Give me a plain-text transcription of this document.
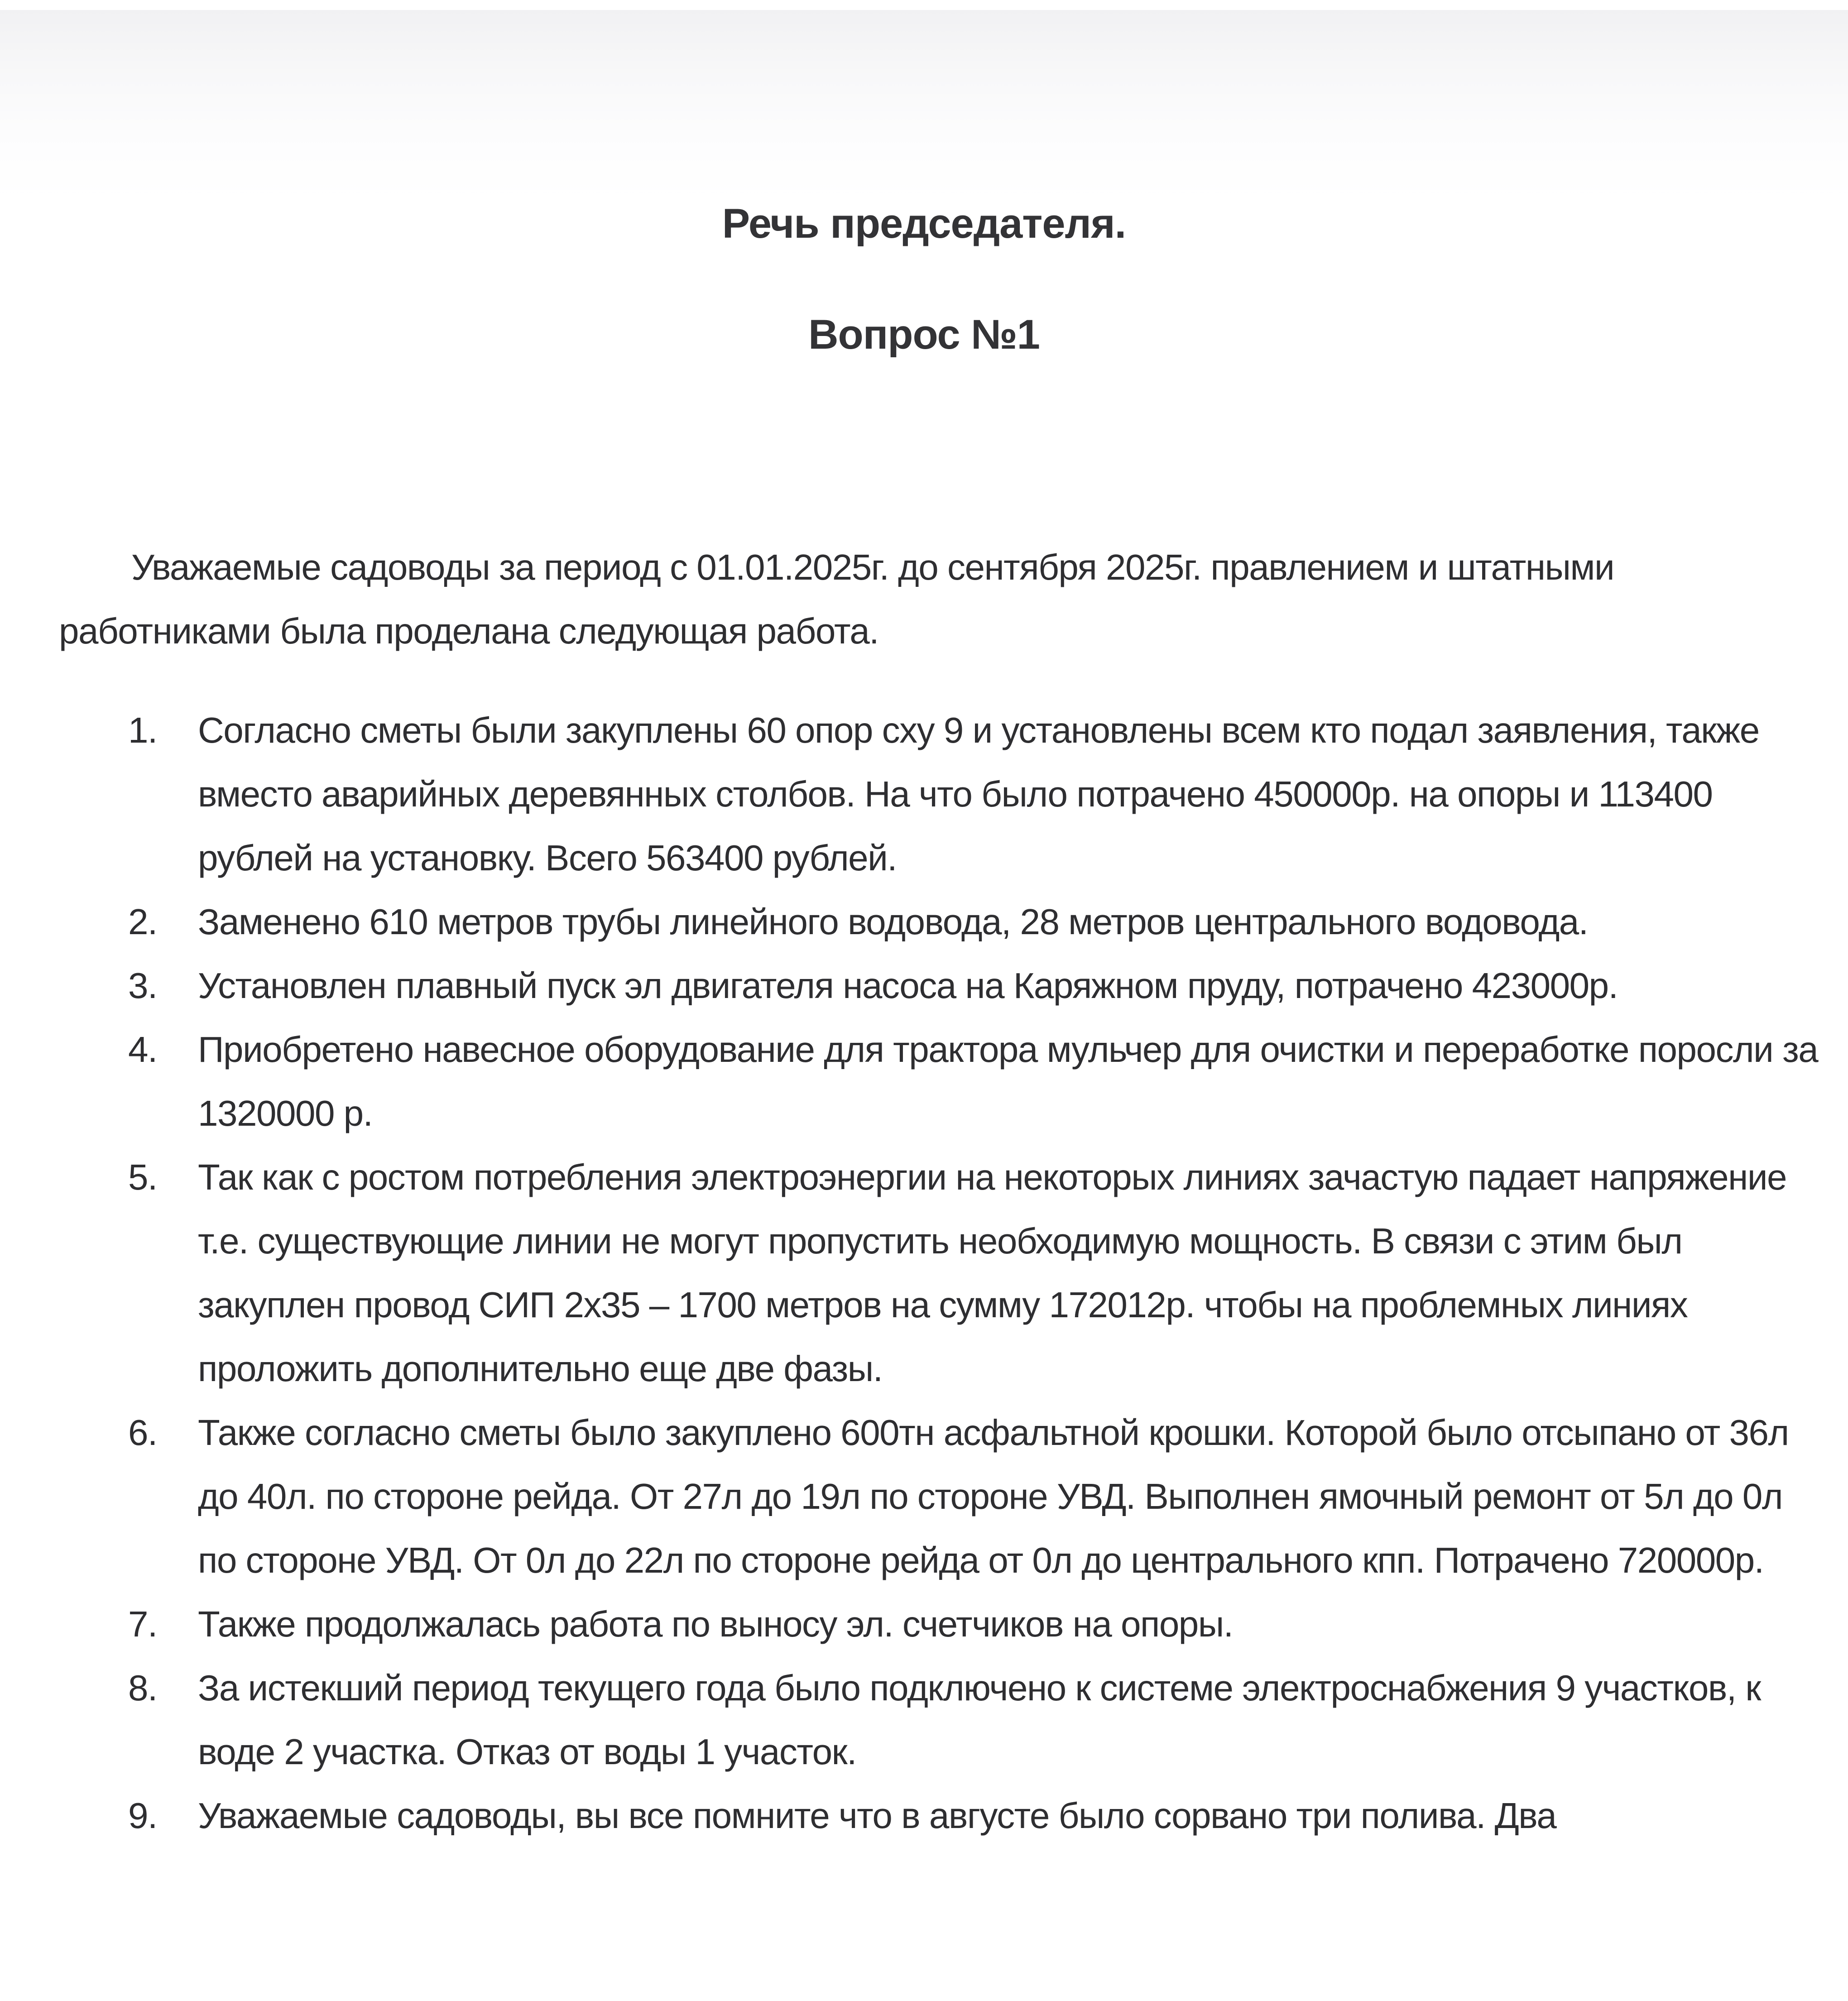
Речь председателя.
Вопрос №1

Уважаемые садоводы за период с 01.01.2025г. до сентября 2025г. правлением и штатными работниками была проделана следующая работа.

1. Согласно сметы были закуплены 60 опор сху 9 и установлены всем кто подал заявления, также вместо аварийных деревянных столбов. На что было потрачено 450000р. на опоры и 113400 рублей на установку. Всего 563400 рублей.
2. Заменено 610 метров трубы линейного водовода, 28 метров центрального водовода.
3. Установлен плавный пуск эл двигателя насоса на Каряжном пруду, потрачено 423000р.
4. Приобретено навесное оборудование для трактора мульчер для очистки и переработке поросли за 1320000 р.
5. Так как с ростом потребления электроэнергии на некоторых линиях зачастую падает напряжение т.е. существующие линии не могут пропустить необходимую мощность. В связи с этим был закуплен провод СИП 2х35 – 1700 метров на сумму 172012р. чтобы на проблемных линиях проложить дополнительно еще две фазы.
6. Также согласно сметы было закуплено 600тн асфальтной крошки. Которой было отсыпано от 36л до 40л. по стороне рейда. От 27л до 19л по стороне УВД. Выполнен ямочный ремонт от 5л до 0л по стороне УВД. От 0л до 22л по стороне рейда от 0л до центрального кпп. Потрачено 720000р.
7. Также продолжалась работа по выносу эл. счетчиков на опоры.
8. За истекший период текущего года было подключено к системе электроснабжения 9 участков, к воде 2 участка. Отказ от воды 1 участок.
9. Уважаемые садоводы, вы все помните что в августе было сорвано три полива. Два
